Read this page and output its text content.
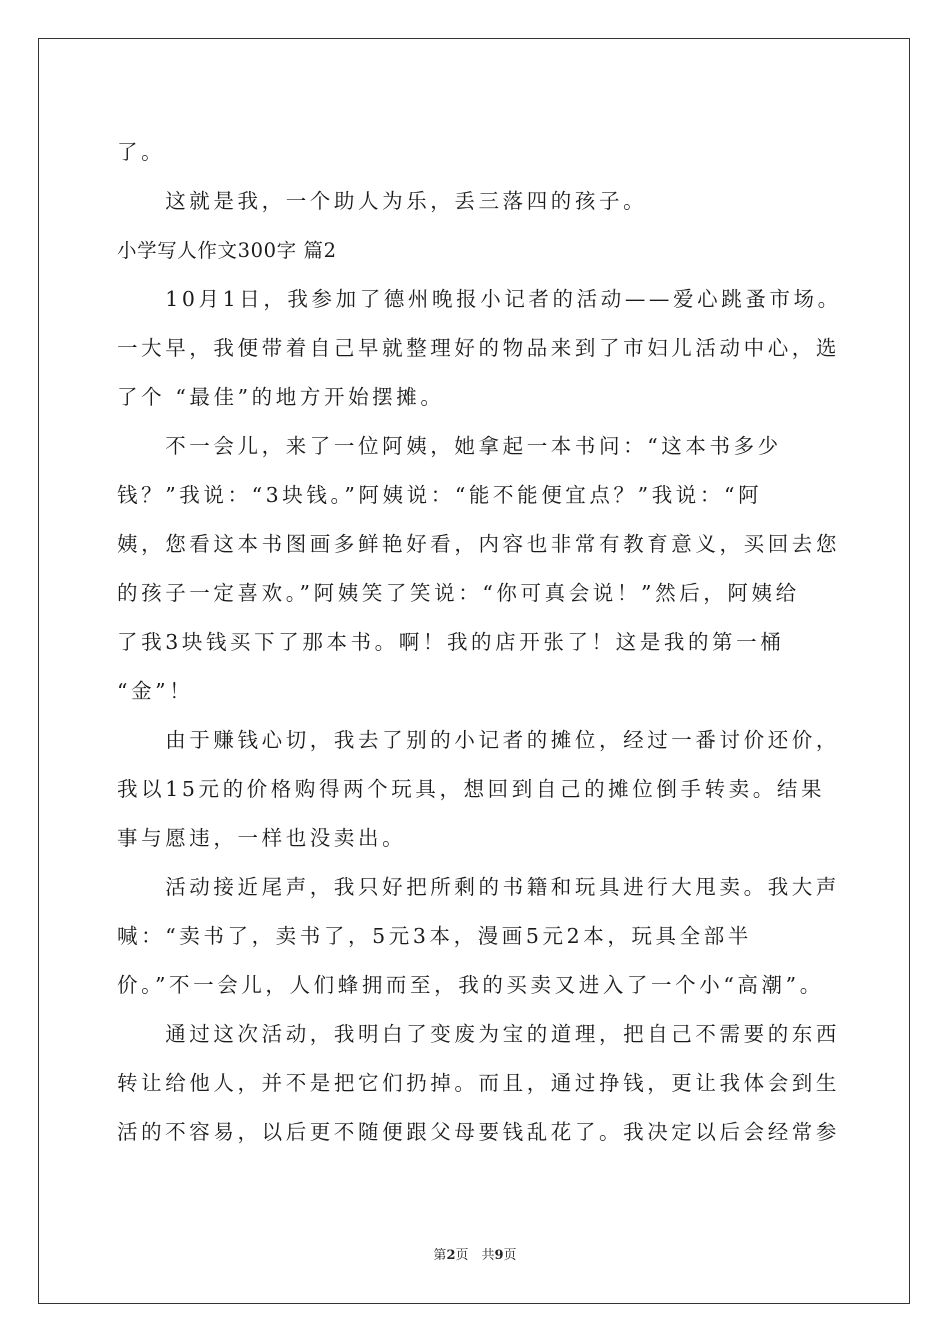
了。
　　这就是我，一个助人为乐，丢三落四的孩子。
小学写人作文300字 篇2
　　10月1日，我参加了德州晚报小记者的活动——爱心跳蚤市场。
一大早，我便带着自己早就整理好的物品来到了市妇儿活动中心，选
了个 “最佳”的地方开始摆摊。
　　不一会儿，来了一位阿姨，她拿起一本书问：“这本书多少
钱？”我说：“3块钱。”阿姨说：“能不能便宜点？”我说：“阿
姨，您看这本书图画多鲜艳好看，内容也非常有教育意义，买回去您
的孩子一定喜欢。”阿姨笑了笑说：“你可真会说！”然后，阿姨给
了我3块钱买下了那本书。啊！我的店开张了！这是我的第一桶
“金”！
　　由于赚钱心切，我去了别的小记者的摊位，经过一番讨价还价，
我以15元的价格购得两个玩具，想回到自己的摊位倒手转卖。结果
事与愿违，一样也没卖出。
　　活动接近尾声，我只好把所剩的书籍和玩具进行大甩卖。我大声
喊：“卖书了，卖书了，5元3本，漫画5元2本，玩具全部半
价。”不一会儿，人们蜂拥而至，我的买卖又进入了一个小“高潮”。
　　通过这次活动，我明白了变废为宝的道理，把自己不需要的东西
转让给他人，并不是把它们扔掉。而且，通过挣钱，更让我体会到生
活的不容易，以后更不随便跟父母要钱乱花了。我决定以后会经常参
第2页　共9页
